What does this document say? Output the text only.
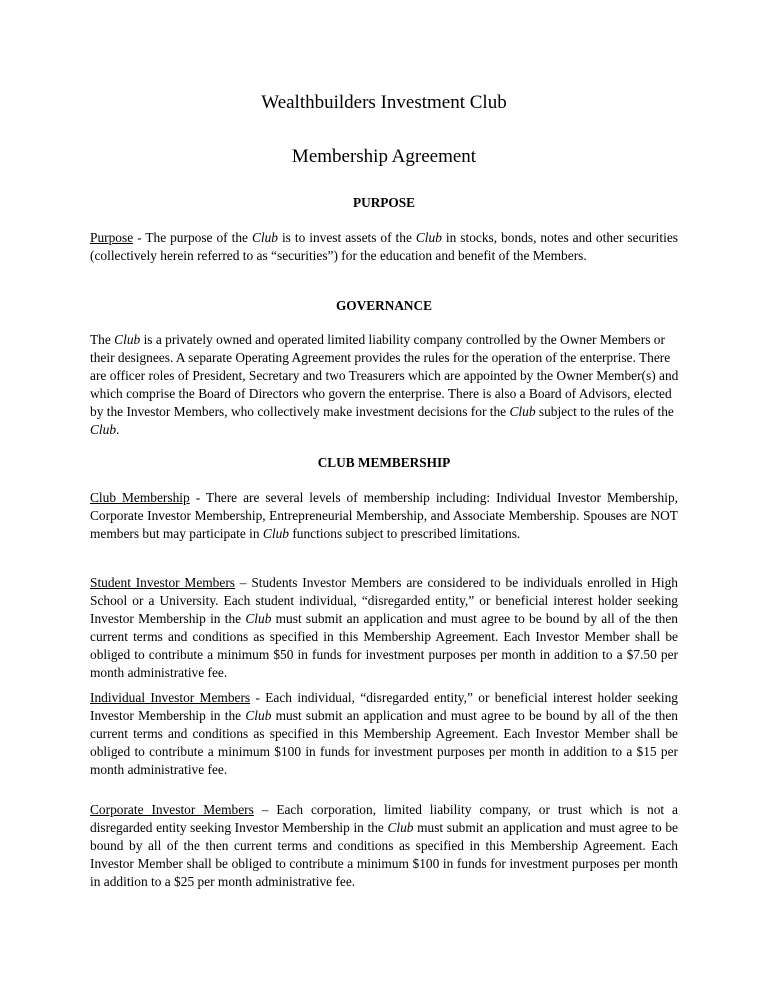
Wealthbuilders Investment Club
Membership Agreement
PURPOSE
Purpose - The purpose of the Club is to invest assets of the Club in stocks, bonds, notes and other securities (collectively herein referred to as “securities”) for the education and benefit of the Members.
GOVERNANCE
The Club is a privately owned and operated limited liability company controlled by the Owner Members or their designees. A separate Operating Agreement provides the rules for the operation of the enterprise. There are officer roles of President, Secretary and two Treasurers which are appointed by the Owner Member(s) and which comprise the Board of Directors who govern the enterprise. There is also a Board of Advisors, elected by the Investor Members, who collectively make investment decisions for the Club subject to the rules of the Club.
CLUB MEMBERSHIP
Club Membership - There are several levels of membership including: Individual Investor Membership, Corporate Investor Membership, Entrepreneurial Membership, and Associate Membership. Spouses are NOT members but may participate in Club functions subject to prescribed limitations.
Student Investor Members – Students Investor Members are considered to be individuals enrolled in High School or a University. Each student individual, “disregarded entity,” or beneficial interest holder seeking Investor Membership in the Club must submit an application and must agree to be bound by all of the then current terms and conditions as specified in this Membership Agreement. Each Investor Member shall be obliged to contribute a minimum $50 in funds for investment purposes per month in addition to a $7.50 per month administrative fee.
Individual Investor Members - Each individual, “disregarded entity,” or beneficial interest holder seeking Investor Membership in the Club must submit an application and must agree to be bound by all of the then current terms and conditions as specified in this Membership Agreement. Each Investor Member shall be obliged to contribute a minimum $100 in funds for investment purposes per month in addition to a $15 per month administrative fee.
Corporate Investor Members – Each corporation, limited liability company, or trust which is not a disregarded entity seeking Investor Membership in the Club must submit an application and must agree to be bound by all of the then current terms and conditions as specified in this Membership Agreement. Each Investor Member shall be obliged to contribute a minimum $100 in funds for investment purposes per month in addition to a $25 per month administrative fee.
